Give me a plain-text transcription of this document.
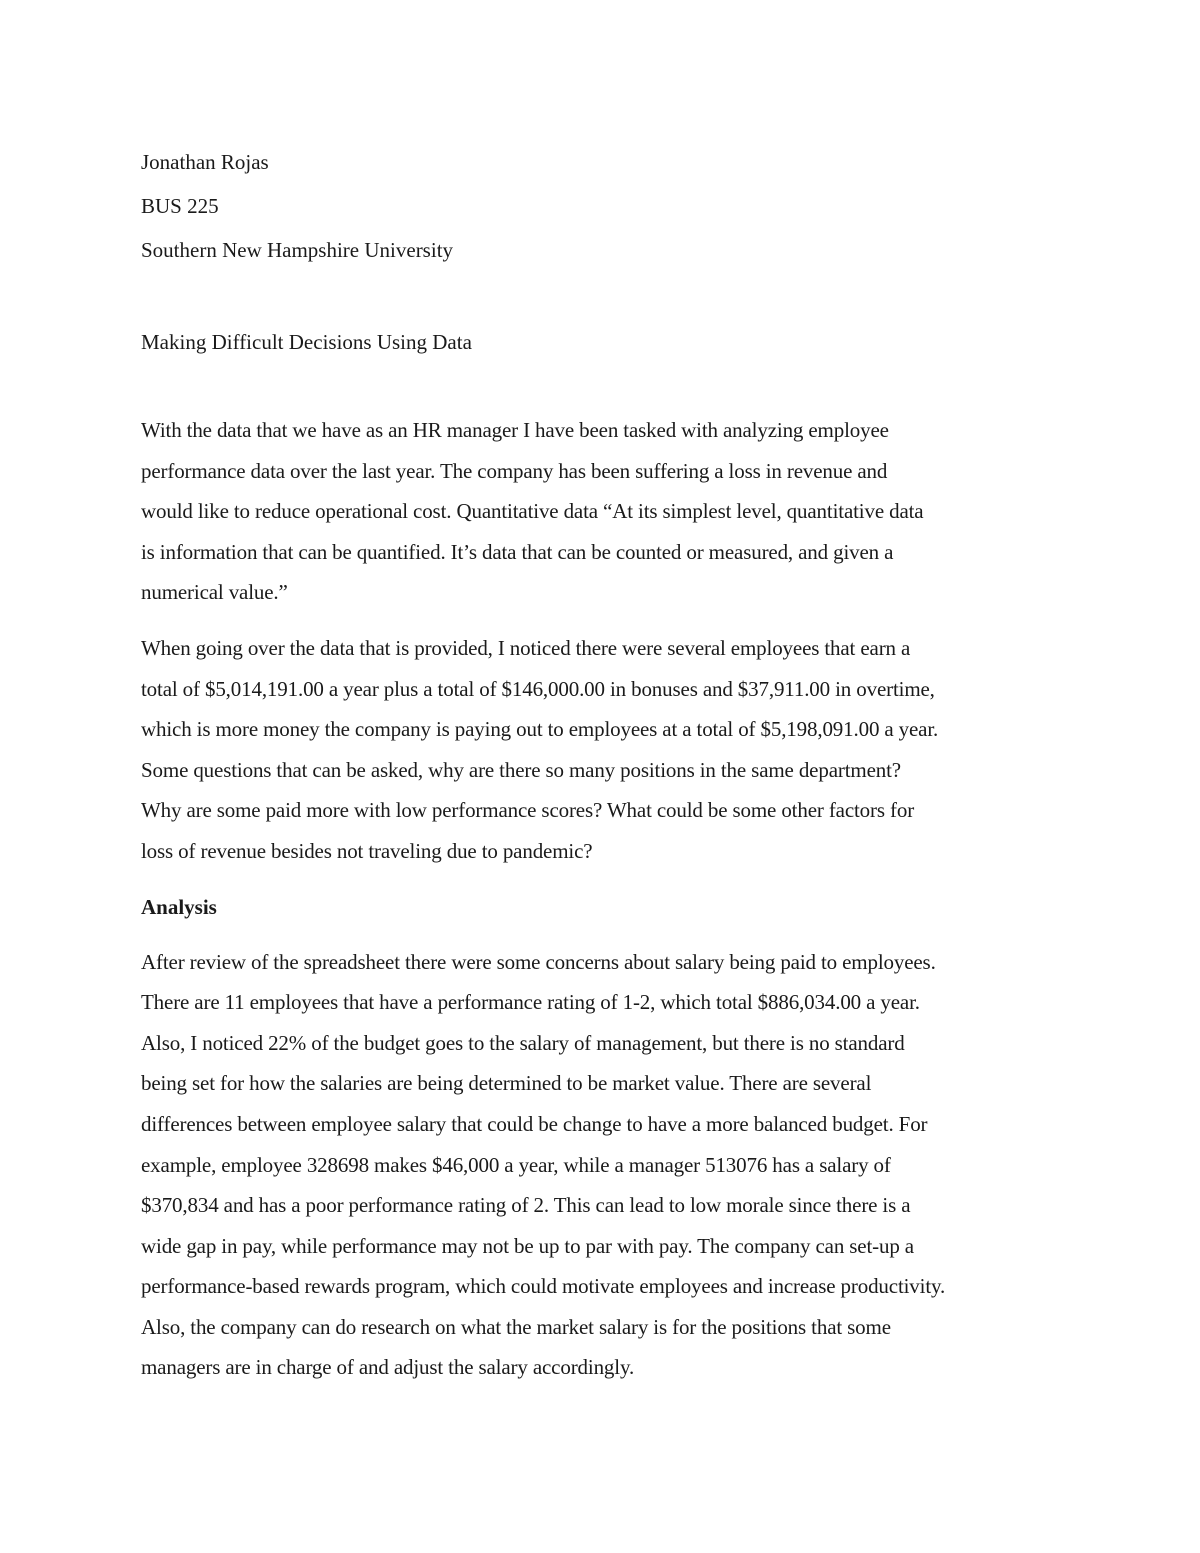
Jonathan Rojas
BUS 225
Southern New Hampshire University
Making Difficult Decisions Using Data

With the data that we have as an HR manager I have been tasked with analyzing employee

performance data over the last year. The company has been suffering a loss in revenue and

would like to reduce operational cost. Quantitative data “At its simplest level, quantitative data

is information that can be quantified. It’s data that can be counted or measured, and given a

numerical value.”

When going over the data that is provided, I noticed there were several employees that earn a

total of $5,014,191.00 a year plus a total of $146,000.00 in bonuses and $37,911.00 in overtime,

which is more money the company is paying out to employees at a total of $5,198,091.00 a year.

Some questions that can be asked, why are there so many positions in the same department?

Why are some paid more with low performance scores? What could be some other factors for

loss of revenue besides not traveling due to pandemic?

Analysis

After review of the spreadsheet there were some concerns about salary being paid to employees.

There are 11 employees that have a performance rating of 1-2, which total $886,034.00 a year.

Also, I noticed 22% of the budget goes to the salary of management, but there is no standard

being set for how the salaries are being determined to be market value. There are several

differences between employee salary that could be change to have a more balanced budget. For

example, employee 328698 makes $46,000 a year, while a manager 513076 has a salary of

$370,834 and has a poor performance rating of 2. This can lead to low morale since there is a

wide gap in pay, while performance may not be up to par with pay. The company can set-up a

performance-based rewards program, which could motivate employees and increase productivity.

Also, the company can do research on what the market salary is for the positions that some

managers are in charge of and adjust the salary accordingly.
